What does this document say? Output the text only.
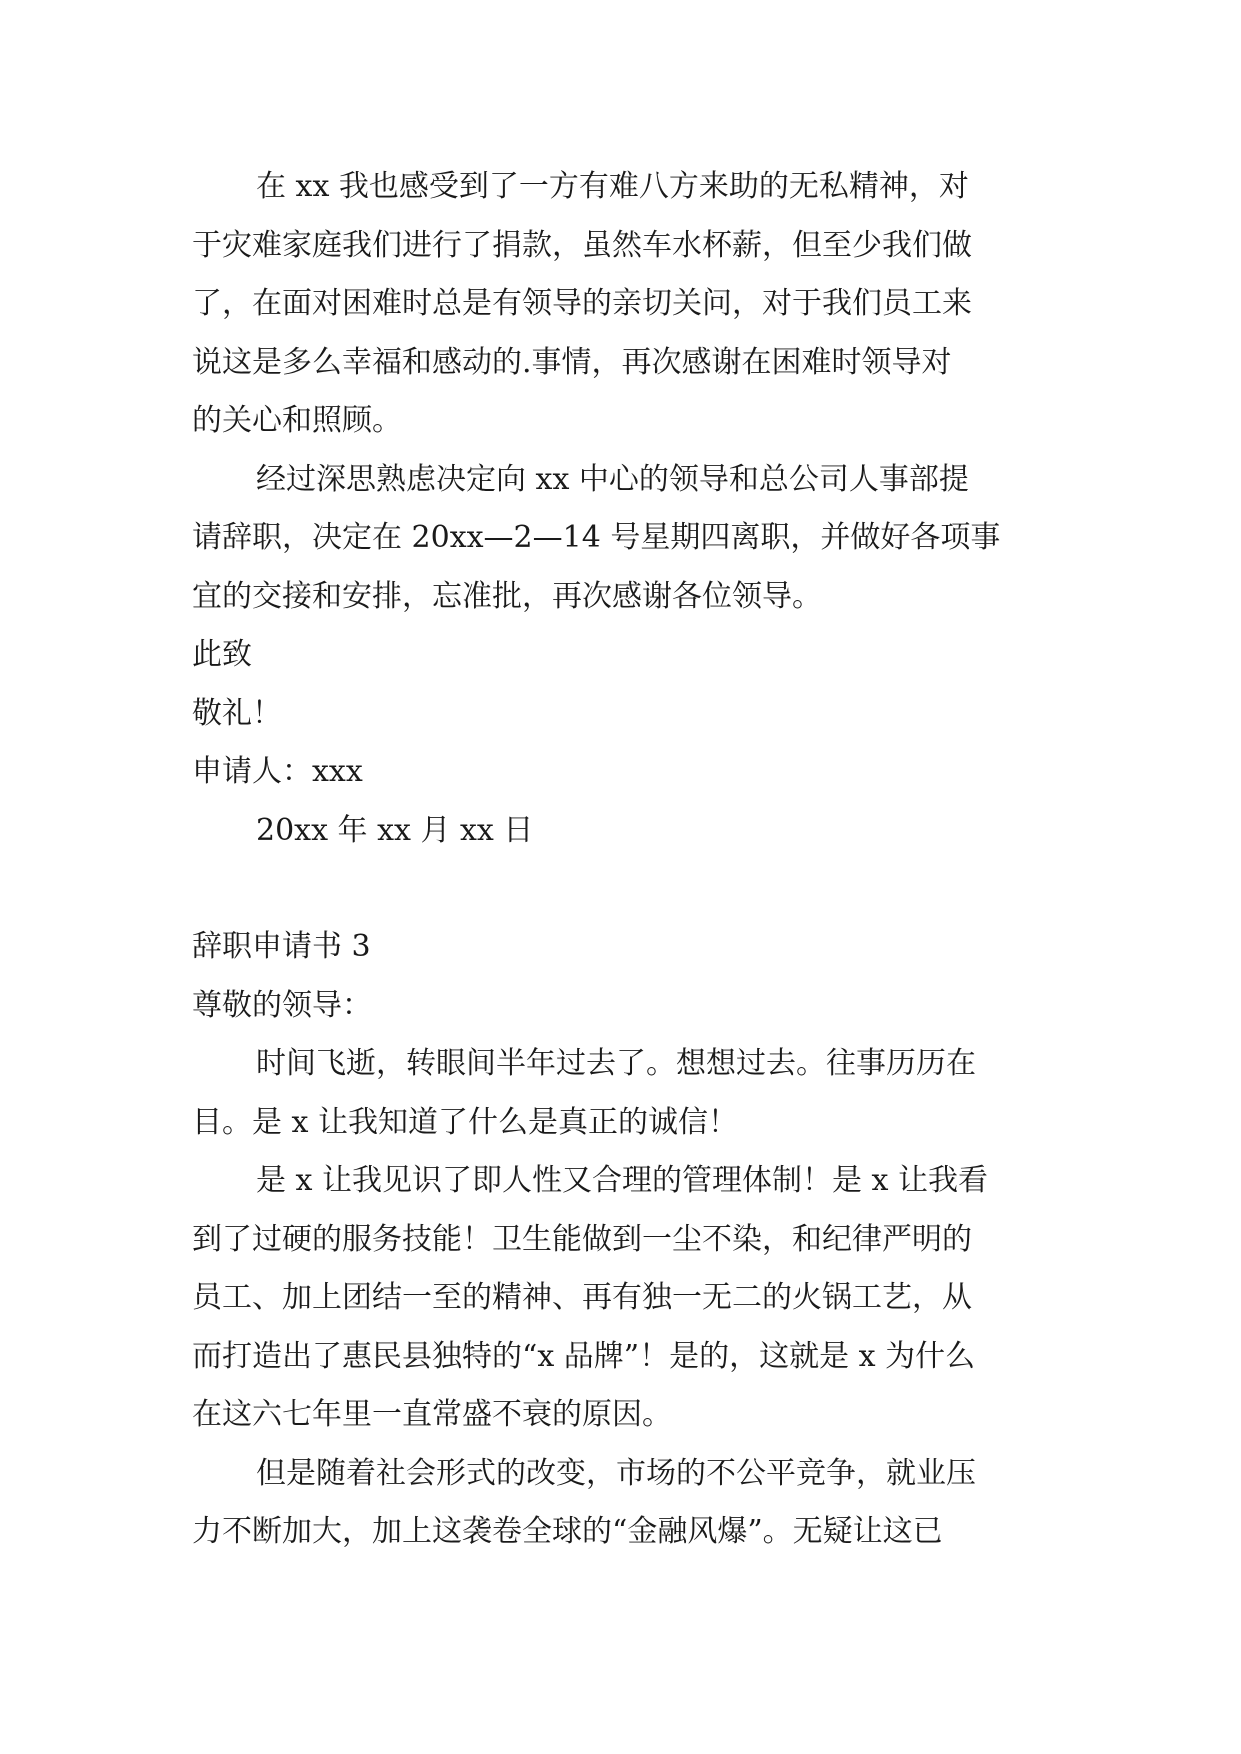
在 xx 我也感受到了一方有难八方来助的无私精神，对
于灾难家庭我们进行了捐款，虽然车水杯薪，但至少我们做
了，在面对困难时总是有领导的亲切关问，对于我们员工来
说这是多么幸福和感动的.事情，再次感谢在困难时领导对
的关心和照顾。
经过深思熟虑决定向 xx 中心的领导和总公司人事部提
请辞职，决定在 20xx—2—14 号星期四离职，并做好各项事
宜的交接和安排，忘准批，再次感谢各位领导。
此致
敬礼！
申请人：xxx
20xx 年 xx 月 xx 日
辞职申请书 3
尊敬的领导：
时间飞逝，转眼间半年过去了。想想过去。往事历历在
目。是 x 让我知道了什么是真正的诚信！
是 x 让我见识了即人性又合理的管理体制！是 x 让我看
到了过硬的服务技能！卫生能做到一尘不染，和纪律严明的
员工、加上团结一至的精神、再有独一无二的火锅工艺，从
而打造出了惠民县独特的“x 品牌”！是的，这就是 x 为什么
在这六七年里一直常盛不衰的原因。
但是随着社会形式的改变，市场的不公平竞争，就业压
力不断加大，加上这袭卷全球的“金融风爆”。无疑让这已
